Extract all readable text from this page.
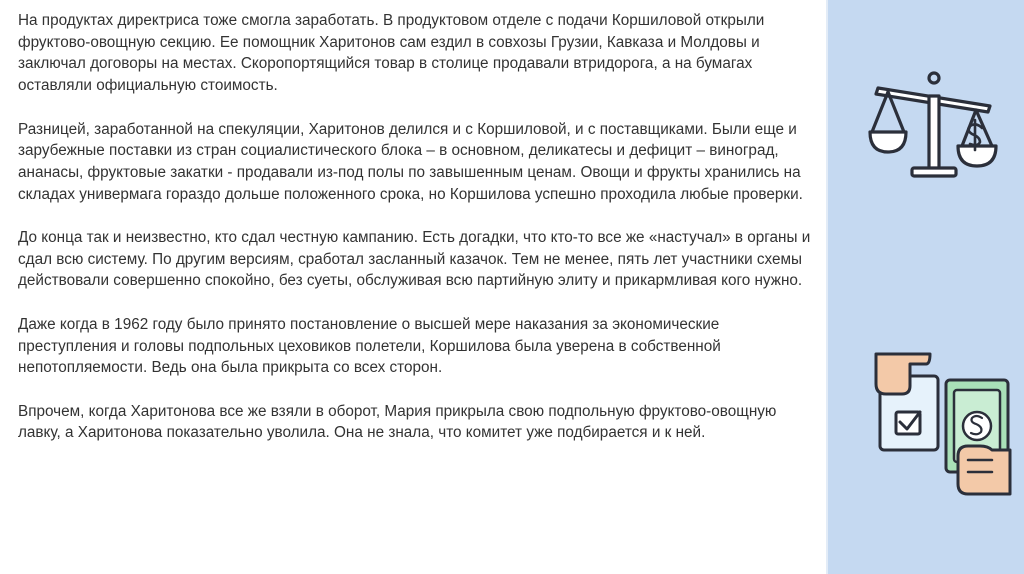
На продуктах директриса тоже смогла заработать. В продуктовом отделе с подачи Коршиловой открыли фруктово-овощную секцию. Ее помощник Харитонов сам ездил в совхозы Грузии, Кавказа и Молдовы и заключал договоры на местах. Скоропортящийся товар в столице продавали втридорога, а на бумагах оставляли официальную стоимость.

Разницей, заработанной на спекуляции, Харитонов делился и с Коршиловой, и с поставщиками. Были еще и зарубежные поставки из стран социалистического блока – в основном, деликатесы и дефицит – виноград, ананасы, фруктовые закатки - продавали из-под полы по завышенным ценам. Овощи и фрукты хранились на складах универмага гораздо дольше положенного срока, но Коршилова успешно проходила любые проверки.

До конца так и неизвестно, кто сдал честную кампанию. Есть догадки, что кто-то все же «настучал» в органы и сдал всю систему. По другим версиям, сработал засланный казачок. Тем не менее, пять лет участники схемы действовали совершенно спокойно, без суеты, обслуживая всю партийную элиту и прикармливая кого нужно.

Даже когда в 1962 году было принято постановление о высшей мере наказания за экономические преступления и головы подпольных цеховиков полетели, Коршилова была уверена в собственной непотопляемости. Ведь она была прикрыта со всех сторон.

Впрочем, когда Харитонова все же взяли в оборот, Мария прикрыла свою подпольную фруктово-овощную лавку, а Харитонова показательно уволила. Она не знала, что комитет уже подбирается и к ней.
